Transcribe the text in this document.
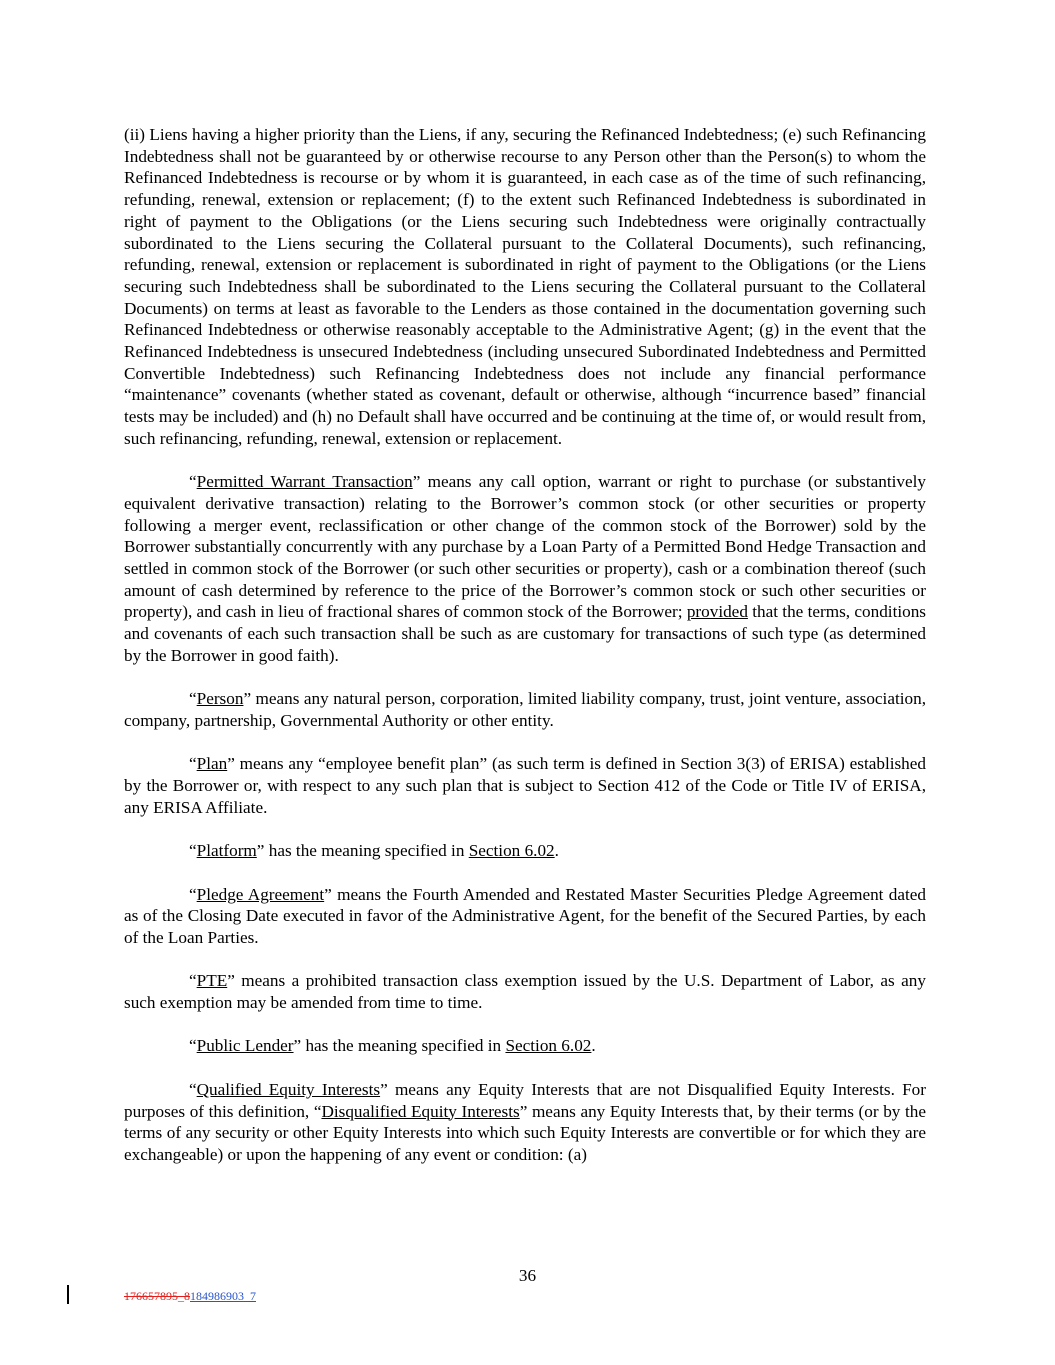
(ii) Liens having a higher priority than the Liens, if any, securing the Refinanced Indebtedness; (e) such Refinancing Indebtedness shall not be guaranteed by or otherwise recourse to any Person other than the Person(s) to whom the Refinanced Indebtedness is recourse or by whom it is guaranteed, in each case as of the time of such refinancing, refunding, renewal, extension or replacement; (f) to the extent such Refinanced Indebtedness is subordinated in right of payment to the Obligations (or the Liens securing such Indebtedness were originally contractually subordinated to the Liens securing the Collateral pursuant to the Collateral Documents), such refinancing, refunding, renewal, extension or replacement is subordinated in right of payment to the Obligations (or the Liens securing such Indebtedness shall be subordinated to the Liens securing the Collateral pursuant to the Collateral Documents) on terms at least as favorable to the Lenders as those contained in the documentation governing such Refinanced Indebtedness or otherwise reasonably acceptable to the Administrative Agent; (g) in the event that the Refinanced Indebtedness is unsecured Indebtedness (including unsecured Subordinated Indebtedness and Permitted Convertible Indebtedness) such Refinancing Indebtedness does not include any financial performance “maintenance” covenants (whether stated as covenant, default or otherwise, although “incurrence based” financial tests may be included) and (h) no Default shall have occurred and be continuing at the time of, or would result from, such refinancing, refunding, renewal, extension or replacement.

“Permitted Warrant Transaction” means any call option, warrant or right to purchase (or substantively equivalent derivative transaction) relating to the Borrower’s common stock (or other securities or property following a merger event, reclassification or other change of the common stock of the Borrower) sold by the Borrower substantially concurrently with any purchase by a Loan Party of a Permitted Bond Hedge Transaction and settled in common stock of the Borrower (or such other securities or property), cash or a combination thereof (such amount of cash determined by reference to the price of the Borrower’s common stock or such other securities or property), and cash in lieu of fractional shares of common stock of the Borrower; provided that the terms, conditions and covenants of each such transaction shall be such as are customary for transactions of such type (as determined by the Borrower in good faith).

“Person” means any natural person, corporation, limited liability company, trust, joint venture, association, company, partnership, Governmental Authority or other entity.

“Plan” means any “employee benefit plan” (as such term is defined in Section 3(3) of ERISA) established by the Borrower or, with respect to any such plan that is subject to Section 412 of the Code or Title IV of ERISA, any ERISA Affiliate.

“Platform” has the meaning specified in Section 6.02.

“Pledge Agreement” means the Fourth Amended and Restated Master Securities Pledge Agreement dated as of the Closing Date executed in favor of the Administrative Agent, for the benefit of the Secured Parties, by each of the Loan Parties.

“PTE” means a prohibited transaction class exemption issued by the U.S. Department of Labor, as any such exemption may be amended from time to time.

“Public Lender” has the meaning specified in Section 6.02.

“Qualified Equity Interests” means any Equity Interests that are not Disqualified Equity Interests. For purposes of this definition, “Disqualified Equity Interests” means any Equity Interests that, by their terms (or by the terms of any security or other Equity Interests into which such Equity Interests are convertible or for which they are exchangeable) or upon the happening of any event or condition: (a)

36
176657895_8184986903_7
